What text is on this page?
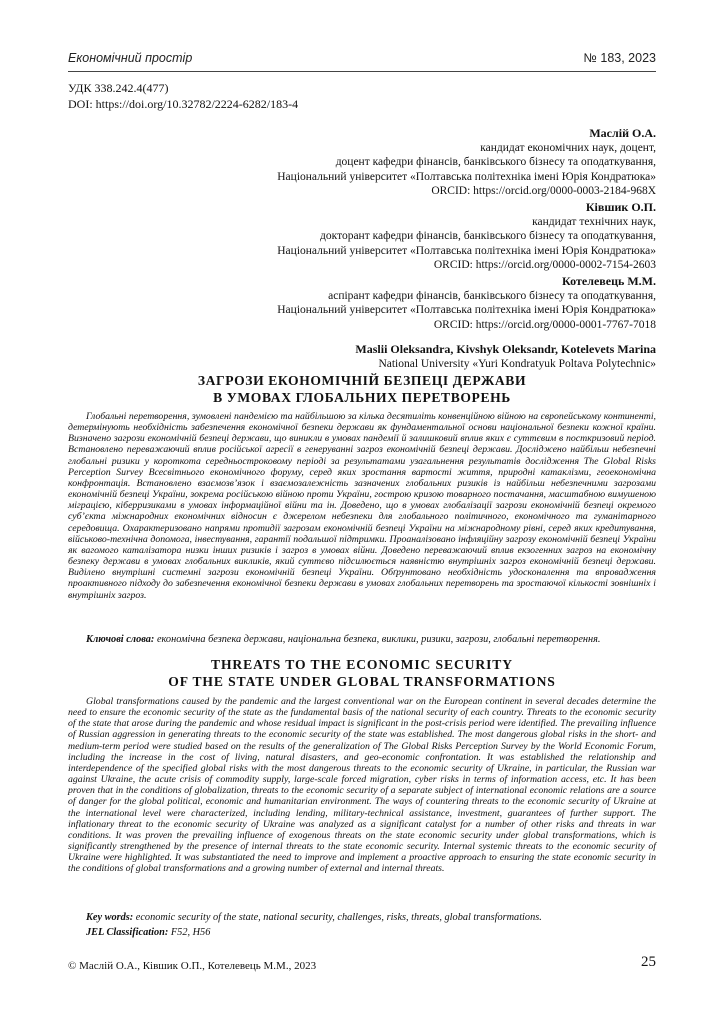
Економічний простір	№ 183, 2023
УДК 338.242.4(477)
DOI: https://doi.org/10.32782/2224-6282/183-4
Маслій О.А.
кандидат економічних наук, доцент,
доцент кафедри фінансів, банківського бізнесу та оподаткування,
Національний університет «Полтавська політехніка імені Юрія Кондратюка»
ORCID: https://orcid.org/0000-0003-2184-968X
Ківшик О.П.
кандидат технічних наук,
докторант кафедри фінансів, банківського бізнесу та оподаткування,
Національний університет «Полтавська політехніка імені Юрія Кондратюка»
ORCID: https://orcid.org/0000-0002-7154-2603
Котелевець М.М.
аспірант кафедри фінансів, банківського бізнесу та оподаткування,
Національний університет «Полтавська політехніка імені Юрія Кондратюка»
ORCID: https://orcid.org/0000-0001-7767-7018
Maslii Oleksandra, Kivshyk Oleksandr, Kotelevets Marina
National University «Yuri Kondratyuk Poltava Polytechnic»
ЗАГРОЗИ ЕКОНОМІЧНІЙ БЕЗПЕЦІ ДЕРЖАВИ
В УМОВАХ ГЛОБАЛЬНИХ ПЕРЕТВОРЕНЬ

Глобальні перетворення, зумовлені пандемією та найбільшою за кілька десятиліть конвенційною війною на європейському континенті, детермінують необхідність забезпечення економічної безпеки держави як фундаментальної основи національної безпеки кожної країни. Визначено загрози економічній безпеці держави, що виникли в умовах пандемії й залишковий вплив яких є суттєвим в посткризовий період. Встановлено переважаючий вплив російської агресії в генеруванні загроз економічній безпеці держави. Досліджено найбільш небезпечні глобальні ризики у короткота середньостроковому періоді за результатами узагальнення результатів дослідження The Global Risks Perception Survey Всесвітнього економічного форуму, серед яких зростання вартості життя, природні катаклізми, геоекономічна конфронтація. Встановлено взаємозв’язок і взаємозалежність зазначених глобальних ризиків із найбільш небезпечними загрозами економічній безпеці України, зокрема російською війною проти України, гострою кризою товарного постачання, масштабною вимушеною міграцією, кіберризиками в умовах інформаційної війни та ін. Доведено, що в умовах глобалізації загрози економічній безпеці окремого суб’єкта міжнародних економічних відносин є джерелом небезпеки для глобального політичного, економічного та гуманітарного середовища. Охарактеризовано напрями протидії загрозам економічній безпеці України на міжнародному рівні, серед яких кредитування, військово-технічна допомога, інвестування, гарантії подальшої підтримки. Проаналізовано інфляційну загрозу економічній безпеці України як вагомого каталізатора низки інших ризиків і загроз в умовах війни. Доведено переважаючий вплив екзогенних загроз на економічну безпеку держави в умовах глобальних викликів, який суттєво підсилюється наявністю внутрішніх загроз економічній безпеці держави. Виділено внутрішні системні загрози економічній безпеці України. Обґрунтовано необхідність удосконалення та впровадження проактивного підходу до забезпечення економічної безпеки держави в умовах глобальних перетворень та зростаючої кількості зовнішніх і внутрішніх загроз.

Ключові слова: економічна безпека держави, національна безпека, виклики, ризики, загрози, глобальні перетворення.
THREATS TO THE ECONOMIC SECURITY
OF THE STATE UNDER GLOBAL TRANSFORMATIONS

Global transformations caused by the pandemic and the largest conventional war on the European continent in several decades determine the need to ensure the economic security of the state as the fundamental basis of the national security of each country. Threats to the economic security of the state that arose during the pandemic and whose residual impact is significant in the post-crisis period were identified. The prevailing influence of Russian aggression in generating threats to the economic security of the state was established. The most dangerous global risks in the short- and medium-term period were studied based on the results of the generalization of The Global Risks Perception Survey by the World Economic Forum, including the increase in the cost of living, natural disasters, and geo-economic confrontation. It was established the relationship and interdependence of the specified global risks with the most dangerous threats to the economic security of Ukraine, in particular, the Russian war against Ukraine, the acute crisis of commodity supply, large-scale forced migration, cyber risks in terms of information access, etc. It has been proven that in the conditions of globalization, threats to the economic security of a separate subject of international economic relations are a source of danger for the global political, economic and humanitarian environment. The ways of countering threats to the economic security of Ukraine at the international level were characterized, including lending, military-technical assistance, investment, guarantees of further support. The inflationary threat to the economic security of Ukraine was analyzed as a significant catalyst for a number of other risks and threats in war conditions. It was proven the prevailing influence of exogenous threats on the state economic security under global transformations, which is significantly strengthened by the presence of internal threats to the state economic security. Internal systemic threats to the economic security of Ukraine were highlighted. It was substantiated the need to improve and implement a proactive approach to ensuring the state economic security in the conditions of global transformations and a growing number of external and internal threats.

Key words: economic security of the state, national security, challenges, risks, threats, global transformations.
JEL Classification: F52, H56
© Маслій О.А., Ківшик О.П., Котелевець М.М., 2023	25
